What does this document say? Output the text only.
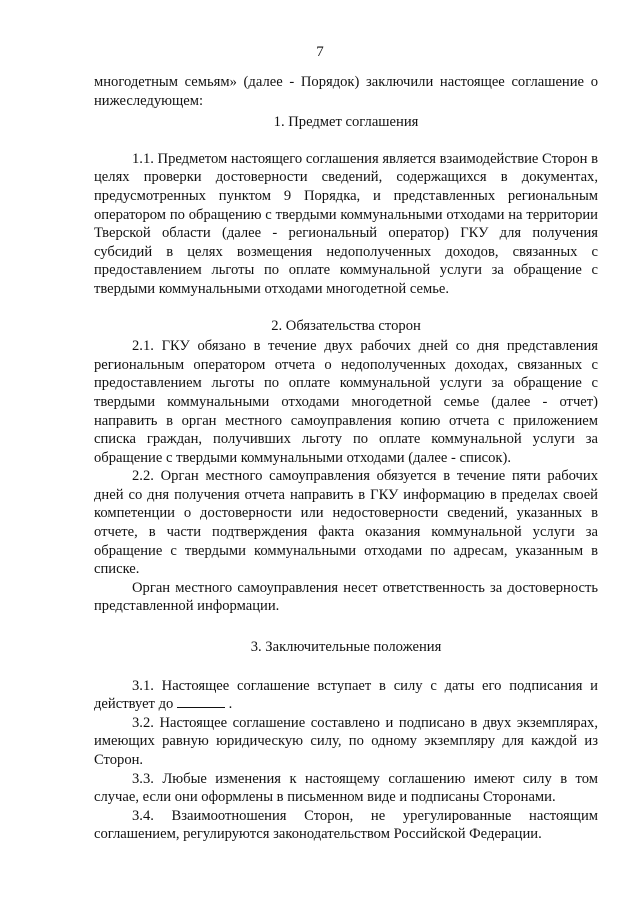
7

многодетным семьям» (далее - Порядок) заключили настоящее соглашение о нижеследующем:

1. Предмет соглашения

1.1. Предметом настоящего соглашения является взаимодействие Сторон в целях проверки достоверности сведений, содержащихся в документах, предусмотренных пунктом 9 Порядка, и представленных региональным оператором по обращению с твердыми коммунальными отходами на территории Тверской области (далее - региональный оператор) ГКУ для получения субсидий в целях возмещения недополученных доходов, связанных с предоставлением льготы по оплате коммунальной услуги за обращение с твердыми коммунальными отходами многодетной семье.

2. Обязательства сторон

2.1. ГКУ обязано в течение двух рабочих дней со дня представления региональным оператором отчета о недополученных доходах, связанных с предоставлением льготы по оплате коммунальной услуги за обращение с твердыми коммунальными отходами многодетной семье (далее - отчет) направить в орган местного самоуправления копию отчета с приложением списка граждан, получивших льготу по оплате коммунальной услуги за обращение с твердыми коммунальными отходами (далее - список).

2.2. Орган местного самоуправления обязуется в течение пяти рабочих дней со дня получения отчета направить в ГКУ информацию в пределах своей компетенции о достоверности или недостоверности сведений, указанных в отчете, в части подтверждения факта оказания коммунальной услуги за обращение с твердыми коммунальными отходами по адресам, указанным в списке.

Орган местного самоуправления несет ответственность за достоверность представленной информации.

3. Заключительные положения

3.1. Настоящее соглашение вступает в силу с даты его подписания и действует до	.

3.2. Настоящее соглашение составлено и подписано в двух экземплярах, имеющих равную юридическую силу, по одному экземпляру для каждой из Сторон.

3.3. Любые изменения к настоящему соглашению имеют силу в том случае, если они оформлены в письменном виде и подписаны Сторонами.

3.4. Взаимоотношения Сторон, не урегулированные настоящим соглашением, регулируются законодательством Российской Федерации.
